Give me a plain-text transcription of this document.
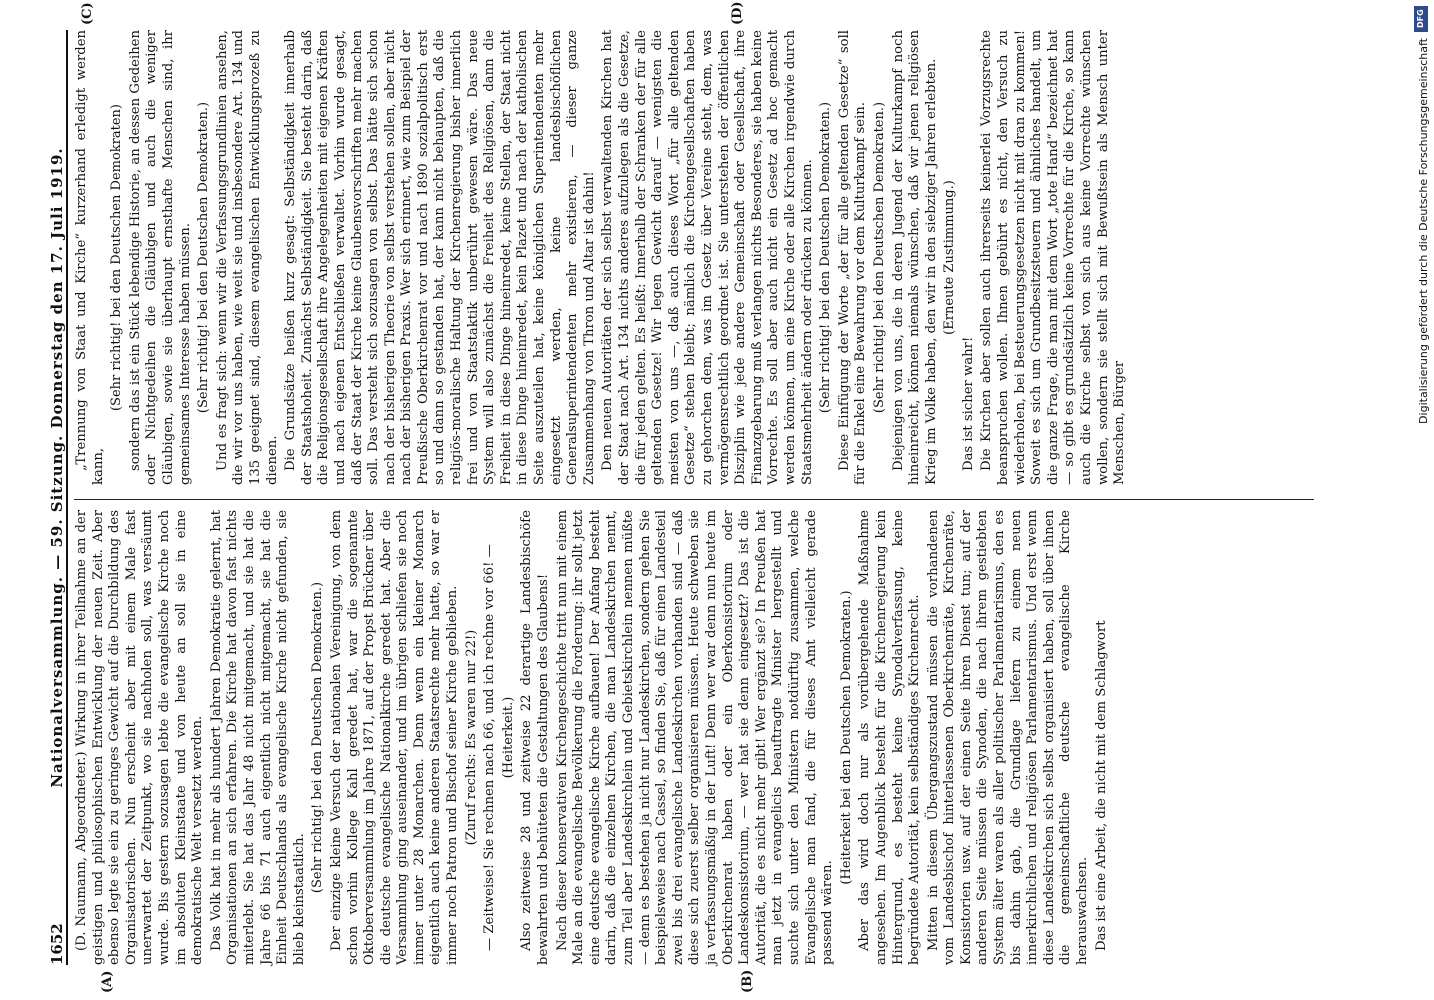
1652
Nationalversammlung. — 59. Sitzung. Donnerstag den 17. Juli 1919. (D. Naumann, Abgeordneter.) Wirkung in ihrer Teilnahme an der geistigen und philosophischen Entwicklung der neuen Zeit. Aber ebenso legte sie ein zu geringes Gewicht auf die Durchbildung des Organisatorischen. Nun erscheint aber mit einem Male fast unerwartet der Zeitpunkt, wo sie nachholen soll, was versäumt wurde. Bis gestern sozusagen lebte die evangelische Kirche noch im absoluten Kleinstaate und von heute an soll sie in eine demokratische Welt versetzt werden. Das Volk hat in mehr als hundert Jahren Demokratie gelernt, hat Organisationen an sich erfahren. Die Kirche hat davon fast nichts miterlebt. Sie hat das Jahr 48 nicht mitgemacht, und sie hat die Jahre 66 bis 71 auch eigentlich nicht mitgemacht, sie hat die Einheit Deutschlands als evangelische Kirche nicht gefunden, sie blieb kleinstaatlich.

(Sehr richtig! bei den Deutschen Demokraten.) Der einzige kleine Versuch der nationalen Vereinigung, von dem schon vorhin Kollege Kahl geredet hat, war die sogenannte Oktoberversammlung im Jahre 1871, auf der Propst Brückner über die deutsche evangelische Nationalkirche geredet hat. Aber die Versammlung ging auseinander, und im übrigen schliefen sie noch immer unter 28 Monarchen. Denn wenn ein kleiner Monarch eigentlich auch keine anderen Staatsrechte mehr hatte, so war er immer noch Patron und Bischof seiner Kirche geblieben. (Zuruf rechts: Es waren nur 22!) — Zeitweise! Sie rechnen nach 66, und ich rechne vor 66! — (Heiterkeit.) Also zeitweise 28 und zeitweise 22 derartige Landesbischöfe bewahrten und behüteten die Gestaltungen des Glaubens! Nach dieser konservativen Kirchengeschichte tritt nun mit einem Male an die evangelische Bevölkerung die Forderung: ihr sollt jetzt eine deutsche evangelische Kirche aufbauen! Der Anfang besteht darin, daß die einzelnen Kirchen, die man Landeskirchen nennt, zum Teil aber Landeskirchlein und Gebietskirchlein nennen müßte — denn es bestehen ja nicht nur Landeskirchen, sondern gehen Sie beispielsweise nach Cassel, so finden Sie, daß für einen Landesteil zwei bis drei evangelische Landeskirchen vorhanden sind — daß diese sich zuerst selber organisieren müssen. Heute schweben sie ja verfassungsmäßig in der Luft! Denn wer war denn nun heute im Oberkirchenrat haben oder ein Oberkonsistorium oder Landeskonsistorium, — wer hat sie denn eingesetzt? Das ist die Autorität, die es nicht mehr gibt! Wer ergänzt sie? In Preußen hat man jetzt in evangelicis beauftragte Minister hergestellt und suchte sich unter den Ministern notdürftig zusammen, welche Evangelische man fand, die für dieses Amt vielleicht gerade passend wären.

(Heiterkeit bei den Deutschen Demokraten.) Aber das wird doch nur als vorübergehende Maßnahme angesehen. Im Augenblick besteht für die Kirchenregierung kein Hintergrund, es besteht keine Synodalverfassung, keine begründete Autorität, kein selbständiges Kirchenrecht. Mitten in diesem Übergangszustand müssen die vorhandenen vom Landesbischof hinterlassenen Oberkirchenräte, Kirchenräte, Konsistorien usw. auf der einen Seite ihren Dienst tun; auf der anderen Seite müssen die Synoden, die nach ihrem gestiebten System älter waren als aller politischer Parlamentarismus, den es bis dahin gab, die Grundlage liefern zu einem neuen innerkirchlichen und religiösen Parlamentarismus. Und erst wenn diese Landeskirchen sich selbst organisiert haben, soll über ihnen die gemeinschaftliche deutsche evangelische Kirche herauswachsen. Das ist eine Arbeit, die nicht mit dem Schlagwort

„Trennung von Staat und Kirche“ kurzerhand erledigt werden kann,

(Sehr richtig! bei den Deutschen Demokraten) sondern das ist ein Stück lebendige Historie, an dessen Gedeihen oder Nichtgedeihen die Gläubigen und auch die weniger Gläubigen, sowie sie überhaupt ernsthafte Menschen sind, ihr gemeinsames Interesse haben müssen. (Sehr richtig! bei den Deutschen Demokraten.) Und es fragt sich: wenn wir die Verfassungsgrundlinien ansehen, die wir vor uns haben, wie weit sie und insbesondere Art. 134 und 135 geeignet sind, diesem evangelischen Entwicklungsprozeß zu dienen. Die Grundsätze heißen kurz gesagt: Selbständigkeit innerhalb der Staatshoheit. Zunächst Selbständigkeit. Sie besteht darin, daß die Religionsgesellschaft ihre Angelegenheiten mit eigenen Kräften und nach eigenen Entschließen verwaltet. Vorhin wurde gesagt, daß der Staat der Kirche keine Glaubensvorschriften mehr machen soll. Das versteht sich sozusagen von selbst. Das hätte sich schon nach der bisherigen Theorie von selbst verstehen sollen, aber nicht nach der bisherigen Praxis. Wer sich erinnert, wie zum Beispiel der Preußische Oberkirchenrat vor und nach 1890 sozialpolitisch erst so und dann so gestanden hat, der kann nicht behaupten, daß die religiös-moralische Haltung der Kirchenregierung bisher innerlich frei und von Staatstaktik unberührt gewesen wäre. Das neue System will also zunächst die Freiheit des Religiösen, dann die Freiheit in diese Dinge hineinredet, keine Stellen, der Staat nicht in diese Dinge hineinredet, kein Plazet und nach der katholischen Seite auszuteilen hat, keine königlichen Superintendenten mehr eingesetzt werden, keine landesbischöflichen Generalsuperintendenten mehr existieren, — dieser ganze Zusammenhang von Thron und Altar ist dahin! Den neuen Autoritäten der sich selbst verwaltenden Kirchen hat der Staat nach Art. 134 nichts anderes aufzulegen als die Gesetze, die für jeden gelten. Es heißt: Innerhalb der Schranken der für alle geltenden Gesetze! Wir legen Gewicht darauf — wenigsten die meisten von uns —, daß auch dieses Wort „für alle geltenden Gesetze“ stehen bleibt; nämlich die Kirchengesellschaften haben zu gehorchen dem, was im Gesetz über Vereine steht, dem, was vermögensrechtlich geordnet ist. Sie unterstehen der öffentlichen Disziplin wie jede andere Gemeinschaft oder Gesellschaft, ihre Finanzgebarung muß verlangen nichts Besonderes, sie haben keine Vorrechte. Es soll aber auch nicht ein Gesetz ad hoc gemacht werden können, um eine Kirche oder alle Kirchen irgendwie durch Staatsmehrheit ändern oder drücken zu können. (Sehr richtig! bei den Deutschen Demokraten.) Diese Einfügung der Worte „der für alle geltenden Gesetze“ soll für die Enkel eine Bewahrung vor dem Kulturkampf sein. (Sehr richtig! bei den Deutschen Demokraten.) Diejenigen von uns, die in deren Jugend der Kulturkampf noch hineinreicht, können niemals wünschen, daß wir jenen religiösen Krieg im Volke haben, den wir in den siebziger Jahren erlebten. (Erneute Zustimmung.)

Das ist sicher wahr! Die Kirchen aber sollen auch ihrerseits keinerlei Vorzugsrechte beanspruchen wollen. Ihnen gebührt es nicht, den Versuch zu wiederholen, bei Besteuerungsgesetzen nicht mit dran zu kommen! Soweit es sich um Grundbesitzsteuern und ähnliches handelt, um die ganze Frage, die man mit dem Wort „tote Hand“ bezeichnet hat — so gibt es grundsätzlich keine Vorrechte für die Kirche, so kann auch die Kirche selbst von sich aus keine Vorrechte wünschen wollen, sondern sie stellt sich mit Bewußtsein als Mensch unter Menschen, Bürger

(A)	(B)
(C)	(D)	DFG
Digitalisierung gefördert durch die Deutsche Forschungsgemeinschaft
